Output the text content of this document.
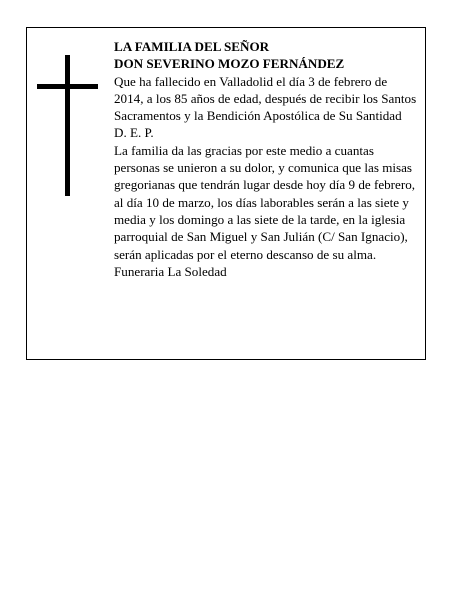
LA FAMILIA DEL SEÑOR

DON SEVERINO MOZO FERNÁNDEZ

Que ha fallecido en Valladolid el día 3 de febrero de 2014, a los 85 años de edad, después de recibir los Santos Sacramentos y la Bendición Apostólica de Su Santidad

D. E. P.

La familia da las gracias por este medio a cuantas personas se unieron a su dolor, y comunica que las misas gregorianas que tendrán lugar desde hoy día 9 de febrero, al día 10 de marzo, los días laborables serán a las siete y media y los domingo a las siete de la tarde, en la iglesia parroquial de San Miguel y San Julián (C/ San Ignacio), serán aplicadas por el eterno descanso de su alma.

Funeraria La Soledad
